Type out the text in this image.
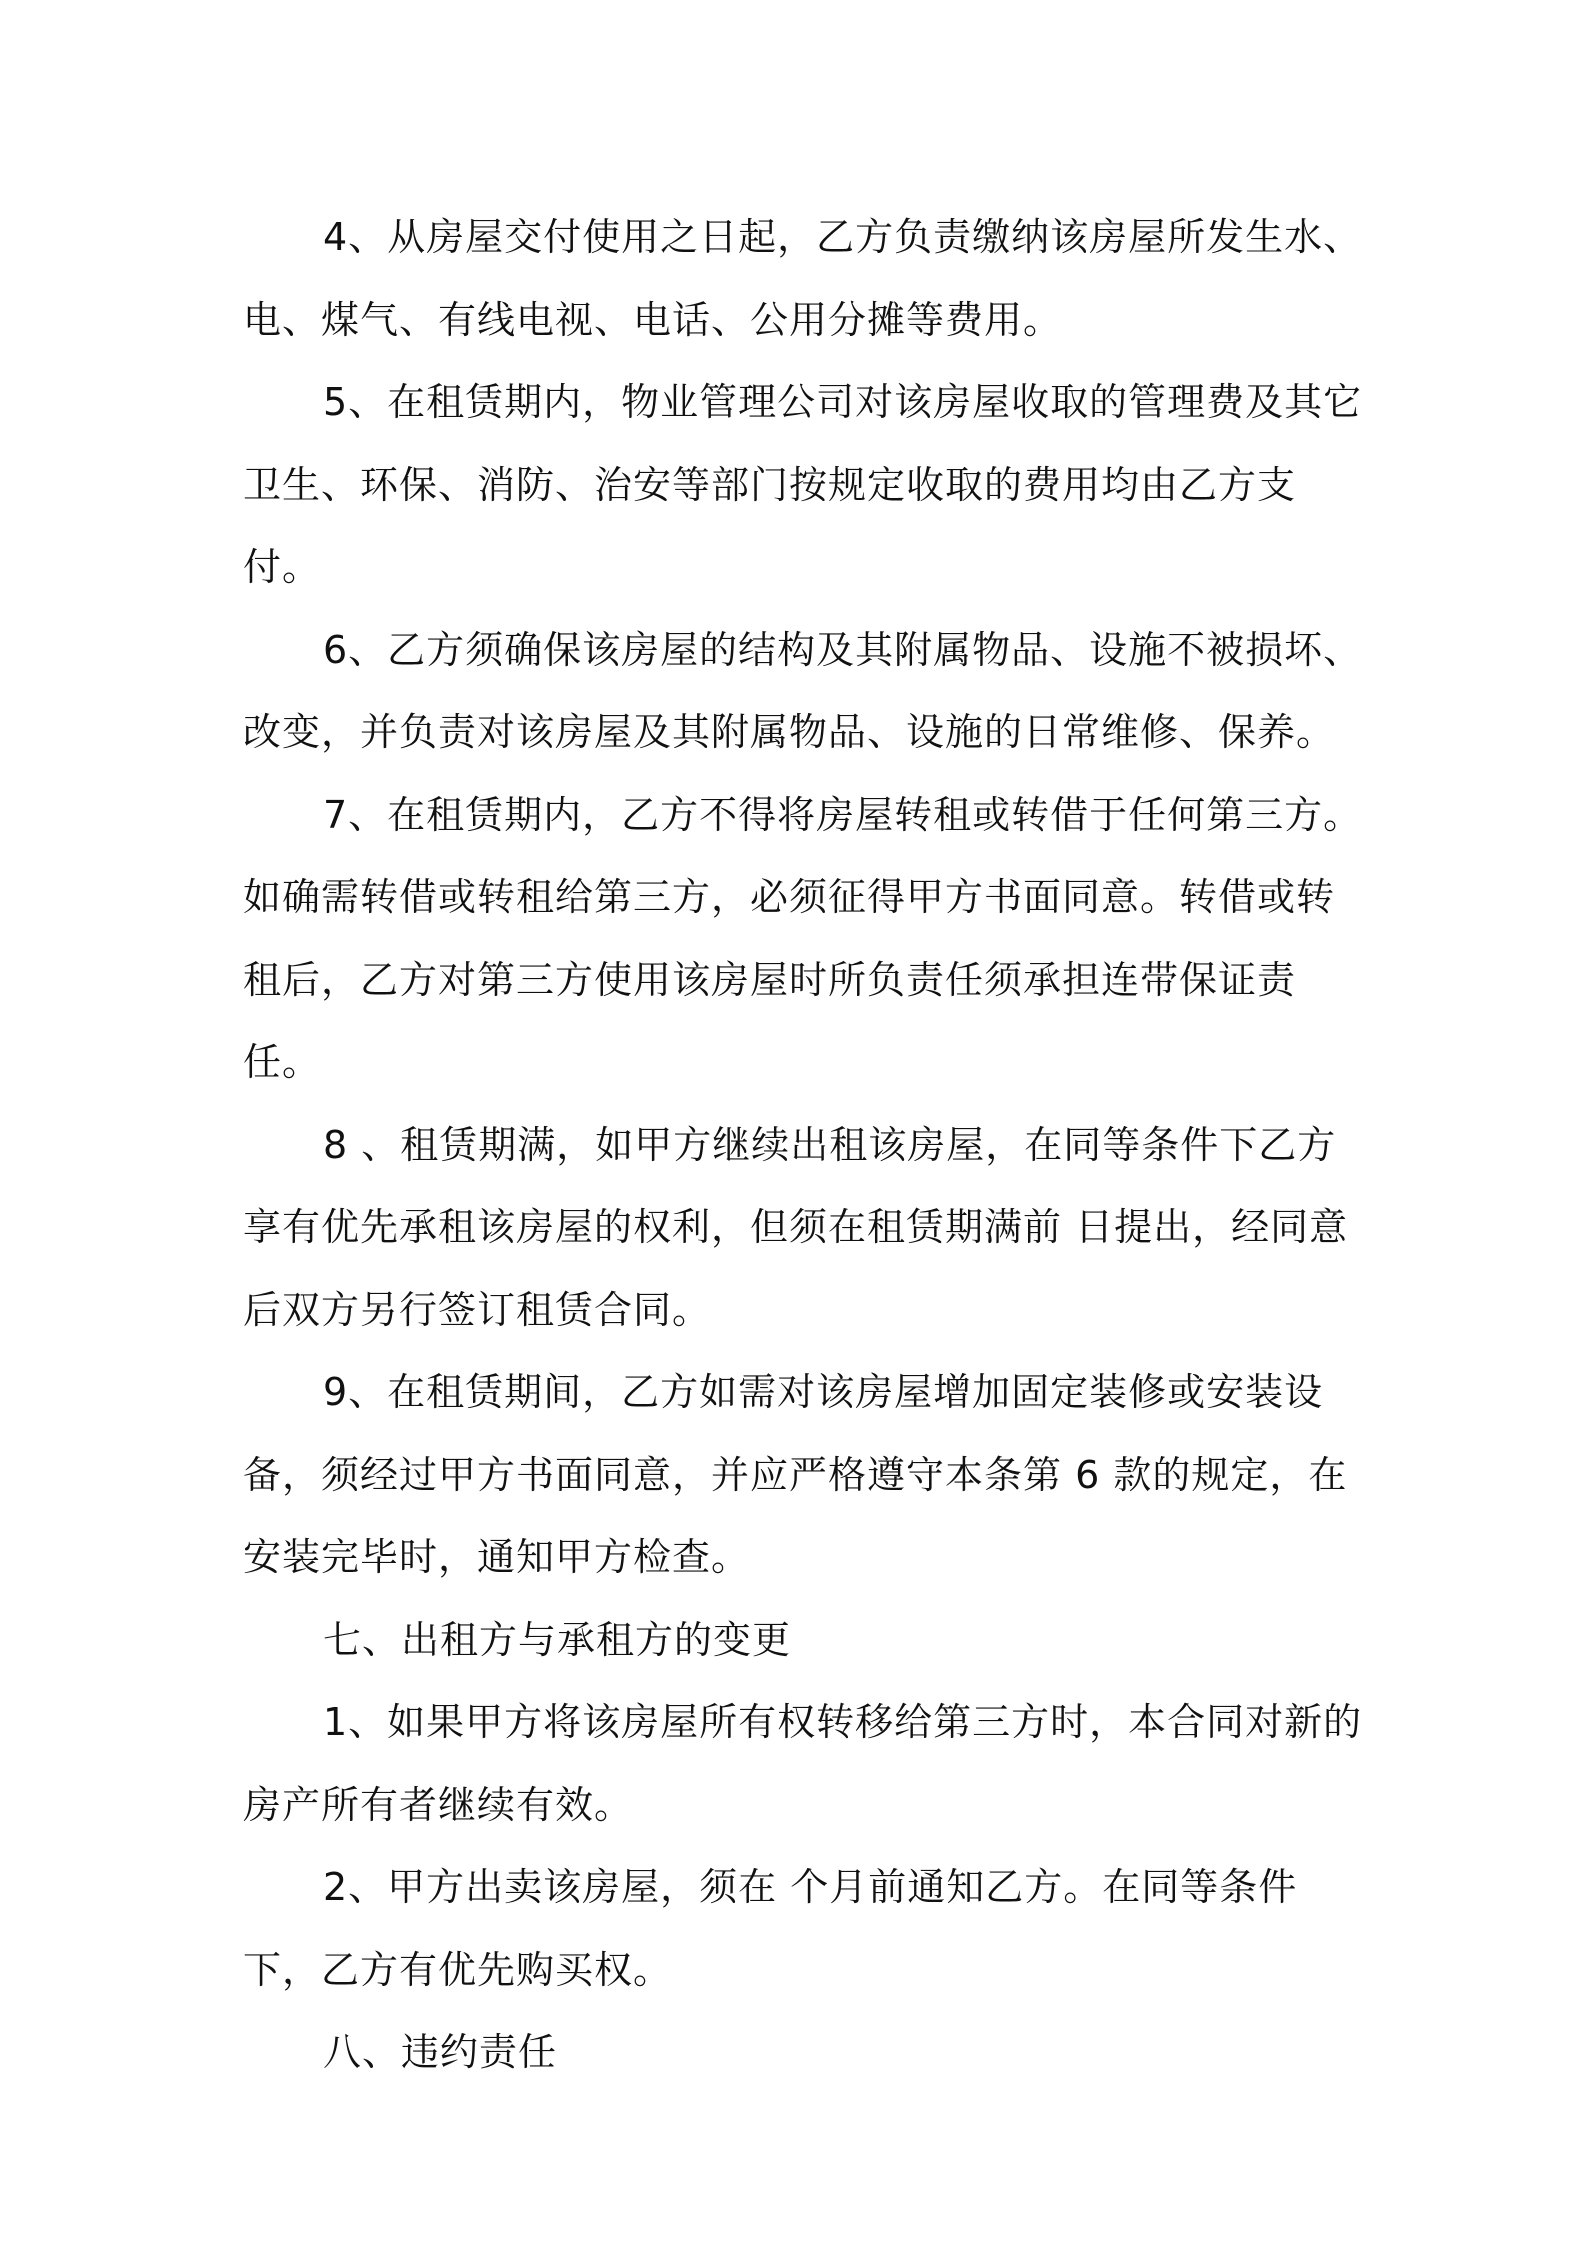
4、从房屋交付使用之日起，乙方负责缴纳该房屋所发生水、电、煤气、有线电视、电话、公用分摊等费用。

5、在租赁期内，物业管理公司对该房屋收取的管理费及其它卫生、环保、消防、治安等部门按规定收取的费用均由乙方支付。

6、乙方须确保该房屋的结构及其附属物品、设施不被损坏、改变，并负责对该房屋及其附属物品、设施的日常维修、保养。

7、在租赁期内，乙方不得将房屋转租或转借于任何第三方。如确需转借或转租给第三方，必须征得甲方书面同意。转借或转租后，乙方对第三方使用该房屋时所负责任须承担连带保证责任。

8 、租赁期满，如甲方继续出租该房屋，在同等条件下乙方享有优先承租该房屋的权利，但须在租赁期满前 日提出，经同意后双方另行签订租赁合同。

9、在租赁期间，乙方如需对该房屋增加固定装修或安装设备，须经过甲方书面同意，并应严格遵守本条第 6 款的规定，在安装完毕时，通知甲方检查。

七、出租方与承租方的变更

1、如果甲方将该房屋所有权转移给第三方时，本合同对新的房产所有者继续有效。

2、甲方出卖该房屋，须在 个月前通知乙方。在同等条件下，乙方有优先购买权。

八、违约责任
